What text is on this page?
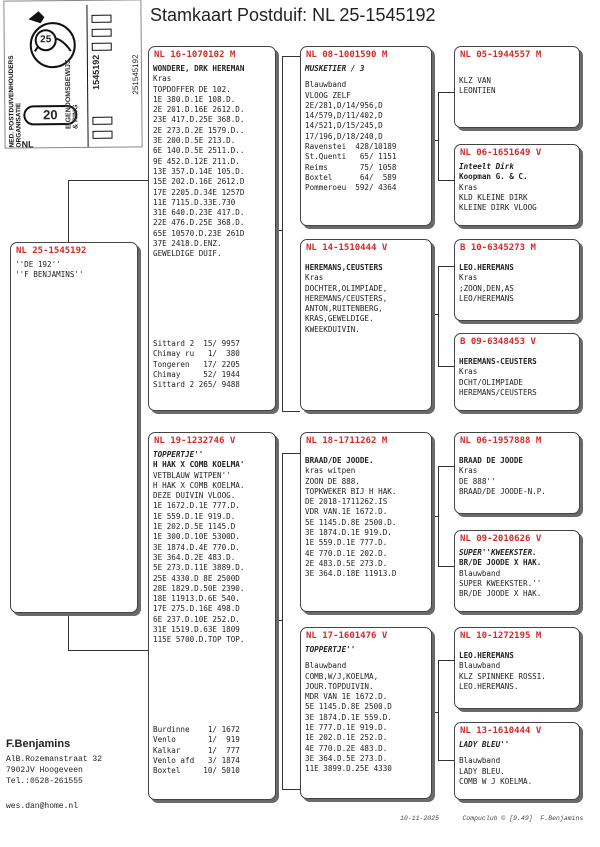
Stamkaart Postduif: NL 25-1545192
NED. POSTDUIVENHOUDERS ORGANISATIE
25
20	EIGENDOMSBEWIJS & RING
1545192	251545192
NL
NL 25-1545192
''DE 192''
''F BENJAMINS''
NL 16-1070102 M
WONDERE, DRK HEREMAN
Kras
TOPDOFFER DE 102.
1E 380.D.1E 108.D.
2E 201.D.16E 2612.D.
23E 417.D.25E 368.D.
2E 273.D.2E 1579.D..
3E 200.D.5E 213.D.
6E 140.D.5E 2511.D..
9E 452.D.12E 211.D.
13E 357.D.14E 105.D.
15E 202.D.16E 2612.D
17E 2205.D.34E 1257D
11E 7115.D.33E.730
31E 640.D.23E 417.D.
22E 476.D.25E 368.D.
65E 10570.D.23E 261D
37E 2418.D.ENZ.
GEWELDIGE DUIF.
Sittard 2  15/ 9957
Chimay ru   1/  380
Tongeren   17/ 2205
Chimay     52/ 1944
Sittard 2 265/ 9488
NL 19-1232746 V
TOPPERTJE''
H HAK X COMB KOELMA'
VETBLAUW WITPEN''
H HAK X COMB KOELMA.
DEZE DUIVIN VLOOG.
1E 1672.D.1E 777.D.
1E 559.D.1E 919.D.
1E 202.D.5E 1145.D
1E 300.D.10E 5300D.
3E 1874.D.4E 770.D.
3E 364.D.2E 483.D.
5E 273.D.11E 3889.D.
25E 4330.D 8E 2500D
28E 1829.D.50E 2390.
18E 11913.D.6E 540.
17E 275.D.16E 498.D
6E 237.D.10E 252.D.
31E 1519.D.63E 1809
115E 5700.D.TOP TOP.
Burdinne    1/ 1672
Venlo       1/  919
Kalkar      1/  777
Venlo afd   3/ 1874
Boxtel     10/ 5010
NL 08-1001590 M
MUSKETIER / 3
Blauwband
VLOOG ZELF
2E/281,D/14/956,D
14/579,D/11/402,D
14/521,D/15/245,D
17/196,D/18/240,D
Ravenstei  428/10189
St.Quenti   65/ 1151
Reims       75/ 1058
Boxtel      64/  589
Pommeroeu  592/ 4364
NL 14-1510444 V
HEREMANS,CEUSTERS
Kras
DOCHTER,OLIMPIADE,
HEREMANS/CEUSTERS,
ANTON,RUITENBERG,
KRAS,GEWELDIGE.
KWEEKDUIVIN.
NL 18-1711262 M
BRAAD/DE JOODE.
kras witpen
ZOON DE 888.
TOPKWEKER BIJ H HAK.
DE 2018-1711262.IS
VDR VAN.1E 1672.D.
5E 1145.D.8E 2500.D.
3E 1874.D.1E 919.D.
1E 559.D.1E 777.D.
4E 770.D.1E 202.D.
2E 483.D.5E 273.D.
3E 364.D.18E 11913.D
NL 17-1601476 V
TOPPERTJE''
Blauwband
COMB,W/J,KOELMA,
JOUR.TOPDUIVIN.
MDR VAN 1E 1672.D.
5E 1145.D.8E 2500.D
3E 1874.D.1E 559.D.
1E 777.D.1E 919.D.
1E 202.D.1E 252.D.
4E 770.D.2E 483.D.
3E 364.D.5E 273.D.
11E 3899.D.25E 4330
NL 05-1944557 M
KLZ VAN
LEONTIEN
NL 06-1651649 V
Inteelt Dirk
Koopman G. & C.
Kras
KLD KLEINE DIRK
KLEINE DIRK VLOOG
B 10-6345273 M
LEO.HEREMANS
Kras
;ZOON,DEN,AS
LEO/HEREMANS
B 09-6348453 V
HEREMANS-CEUSTERS
Kras
DCHT/OLIMPIADE
HEREMANS/CEUSTERS
NL 06-1957888 M
BRAAD DE JOODE
Kras
DE 888''
BRAAD/DE JOODE-N.P.
NL 09-2010626 V
SUPER''KWEEKSTER.
BR/DE JOODE X HAK.
Blauwband
SUPER KWEEKSTER.''
BR/DE JOODE X HAK.
NL 10-1272195 M
LEO.HEREMANS
Blauwband
KLZ SPINNEKE ROSSI.
LEO.HEREMANS.
NL 13-1610444 V
LADY BLEU''
Blauwband
LADY BLEU.
COMB W J KOELMA.
F.Benjamins
AlB.Rozemanstraat 32
7902JV Hoogeveen
Tel.:0528-261555
wes.dan@home.nl
10-11-2025      Compuclub © [9.49]  F.Benjamins
